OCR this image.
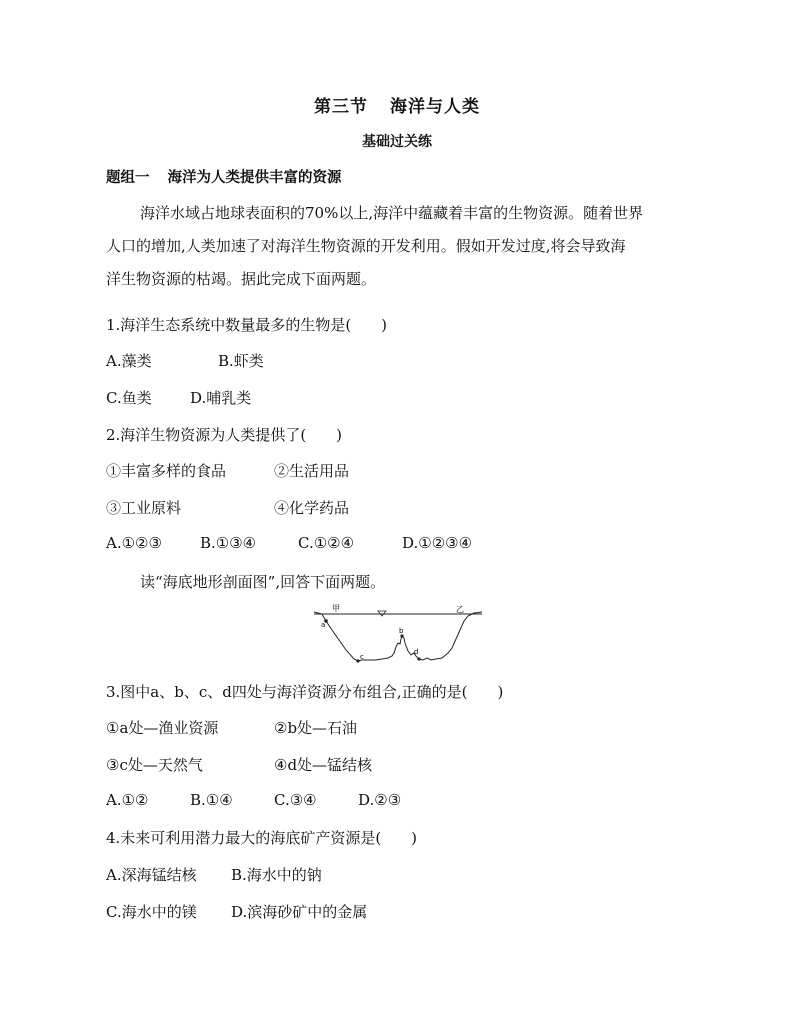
第三节 海洋与人类
基础过关练
题组一 海洋为人类提供丰富的资源
海洋水域占地球表面积的70%以上,海洋中蕴藏着丰富的生物资源。随着世界
人口的增加,人类加速了对海洋生物资源的开发利用。假如开发过度,将会导致海
洋生物资源的枯竭。据此完成下面两题。
1.海洋生态系统中数量最多的生物是(　　)
A.藻类	B.虾类
C.鱼类	D.哺乳类
2.海洋生物资源为人类提供了(　　)
①丰富多样的食品	②生活用品
③工业原料	④化学药品
A.①②③	B.①③④	C.①②④	D.①②③④
读“海底地形剖面图”,回答下面两题。
甲	乙
a
b
c
d
3.图中a、b、c、d四处与海洋资源分布组合,正确的是(　　)
①a处—渔业资源	②b处—石油
③c处—天然气	④d处—锰结核
A.①②	B.①④	C.③④	D.②③
4.未来可利用潜力最大的海底矿产资源是(　　)
A.深海锰结核 B.海水中的钠
C.海水中的镁 D.滨海砂矿中的金属
